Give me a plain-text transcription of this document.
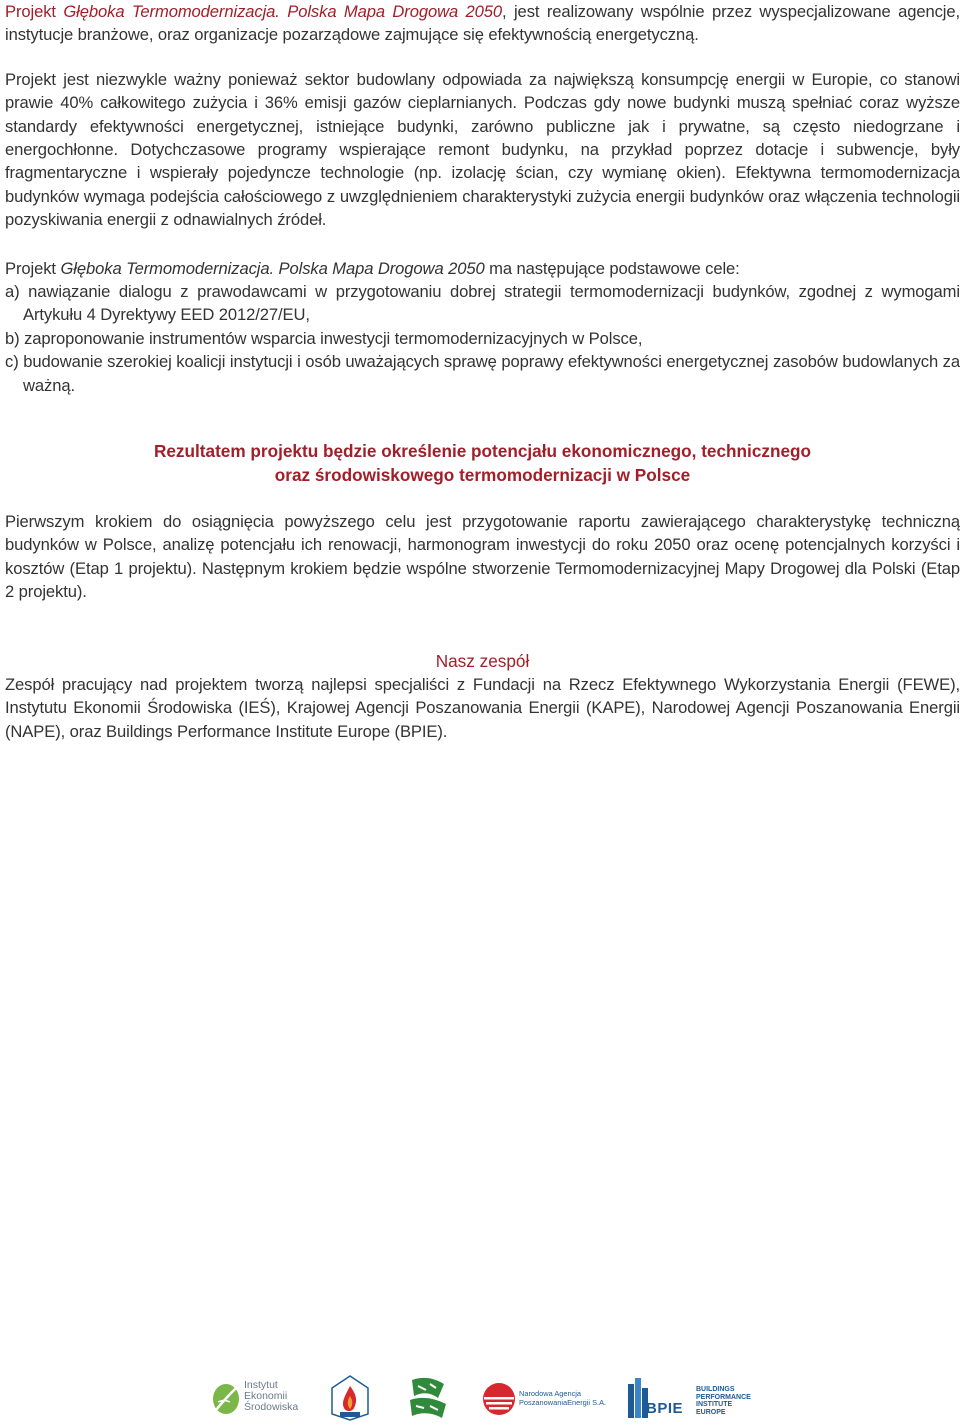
Projekt Głęboka Termomodernizacja. Polska Mapa Drogowa 2050, jest realizowany wspólnie przez wyspecjalizowane agencje, instytucje branżowe, oraz organizacje pozarządowe zajmujące się efektywnością energetyczną.

Projekt jest niezwykle ważny ponieważ sektor budowlany odpowiada za największą konsumpcję energii w Europie, co stanowi prawie 40% całkowitego zużycia i 36% emisji gazów cieplarnianych. Podczas gdy nowe budynki muszą spełniać coraz wyższe standardy efektywności energetycznej, istniejące budynki, zarówno publiczne jak i prywatne, są często niedogrzane i energochłonne. Dotychczasowe programy wspierające remont budynku, na przykład poprzez dotacje i subwencje, były fragmentaryczne i wspierały pojedyncze technologie (np. izolację ścian, czy wymianę okien). Efektywna termomodernizacja budynków wymaga podejścia całościowego z uwzględnieniem charakterystyki zużycia energii budynków oraz włączenia technologii pozyskiwania energii z odnawialnych źródeł.

Projekt Głębokа Termomodernizacja. Polska Mapa Drogowa 2050 ma następujące podstawowe cele:

a) nawiązanie dialogu z prawodawcami w przygotowaniu dobrej strategii termomodernizacji budynków, zgodnej z wymogami Artykułu 4 Dyrektywy EED 2012/27/EU,

b) zaproponowanie instrumentów wsparcia inwestycji termomodernizacyjnych w Polsce,

c) budowanie szerokiej koalicji instytucji i osób uważających sprawę poprawy efektywności energetycznej zasobów budowlanych za ważną.

Rezultatem projektu będzie określenie potencjału ekonomicznego, technicznego

oraz środowiskowego termomodernizacji w Polsce

Pierwszym krokiem do osiągnięcia powyższego celu jest przygotowanie raportu zawierającego charakterystykę techniczną budynków w Polsce, analizę potencjału ich renowacji, harmonogram inwestycji do roku 2050 oraz ocenę potencjalnych korzyści i kosztów (Etap 1 projektu). Następnym krokiem będzie wspólne stworzenie Termomodernizacyjnej Mapy Drogowej dla Polski (Etap 2 projektu).

Nasz zespół

Zespół pracujący nad projektem tworzą najlepsi specjaliści z Fundacji na Rzecz Efektywnego Wykorzystania Energii (FEWE), Instytutu Ekonomii Środowiska (IEŚ), Krajowej Agencji Poszanowania Energii (KAPE), Narodowej Agencji Poszanowania Energii (NAPE), oraz Buildings Performance Institute Europe (BPIE).

Instytut
Ekonomii
Środowiska
Narodowa Agencja
PoszanowaniaEnergii S.A.	BPIE
BUILDINGS
PERFORMANCE
INSTITUTE
EUROPE
